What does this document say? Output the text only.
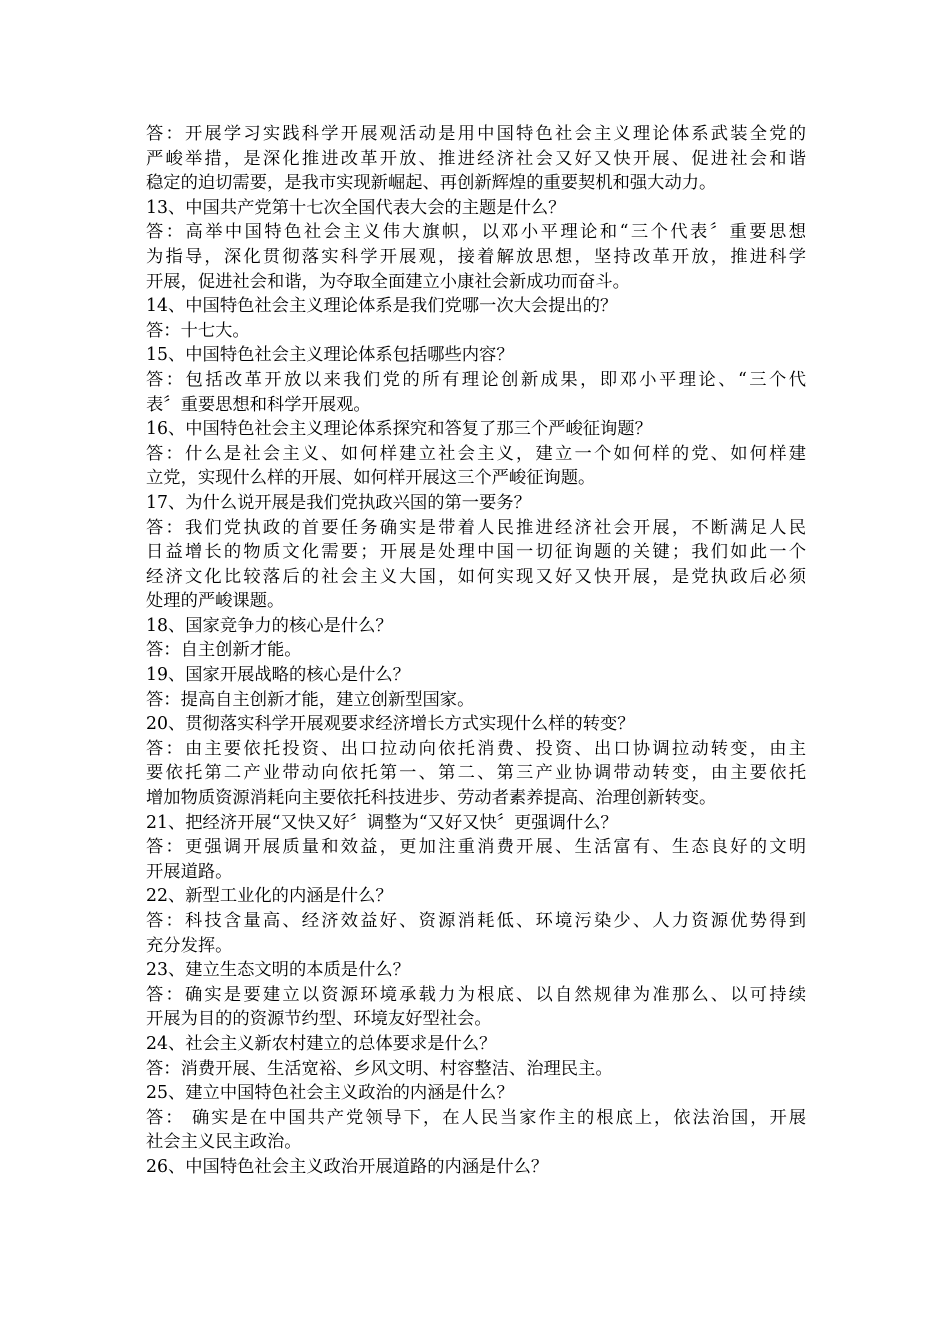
答：开展学习实践科学开展观活动是用中国特色社会主义理论体系武装全党的
严峻举措，是深化推进改革开放、推进经济社会又好又快开展、促进社会和谐
稳定的迫切需要，是我市实现新崛起、再创新辉煌的重要契机和强大动力。
13、中国共产党第十七次全国代表大会的主题是什么？
答：高举中国特色社会主义伟大旗帜，以邓小平理论和“三个代表〞重要思想
为指导，深化贯彻落实科学开展观，接着解放思想，坚持改革开放，推进科学
开展，促进社会和谐，为夺取全面建立小康社会新成功而奋斗。
14、中国特色社会主义理论体系是我们党哪一次大会提出的？
答：十七大。
15、中国特色社会主义理论体系包括哪些内容？
答：包括改革开放以来我们党的所有理论创新成果，即邓小平理论、“三个代
表〞重要思想和科学开展观。
16、中国特色社会主义理论体系探究和答复了那三个严峻征询题？
答：什么是社会主义、如何样建立社会主义，建立一个如何样的党、如何样建
立党，实现什么样的开展、如何样开展这三个严峻征询题。
17、为什么说开展是我们党执政兴国的第一要务？
答：我们党执政的首要任务确实是带着人民推进经济社会开展，不断满足人民
日益增长的物质文化需要；开展是处理中国一切征询题的关键；我们如此一个
经济文化比较落后的社会主义大国，如何实现又好又快开展，是党执政后必须
处理的严峻课题。
18、国家竞争力的核心是什么？
答：自主创新才能。
19、国家开展战略的核心是什么？
答：提高自主创新才能，建立创新型国家。
20、贯彻落实科学开展观要求经济增长方式实现什么样的转变？
答：由主要依托投资、出口拉动向依托消费、投资、出口协调拉动转变，由主
要依托第二产业带动向依托第一、第二、第三产业协调带动转变，由主要依托
增加物质资源消耗向主要依托科技进步、劳动者素养提高、治理创新转变。
21、把经济开展“又快又好〞调整为“又好又快〞更强调什么？
答：更强调开展质量和效益，更加注重消费开展、生活富有、生态良好的文明
开展道路。
22、新型工业化的内涵是什么？
答：科技含量高、经济效益好、资源消耗低、环境污染少、人力资源优势得到
充分发挥。
23、建立生态文明的本质是什么？
答：确实是要建立以资源环境承载力为根底、以自然规律为准那么、以可持续
开展为目的的资源节约型、环境友好型社会。
24、社会主义新农村建立的总体要求是什么？
答：消费开展、生活宽裕、乡风文明、村容整洁、治理民主。
25、建立中国特色社会主义政治的内涵是什么？
答： 确实是在中国共产党领导下，在人民当家作主的根底上，依法治国，开展
社会主义民主政治。
26、中国特色社会主义政治开展道路的内涵是什么？
